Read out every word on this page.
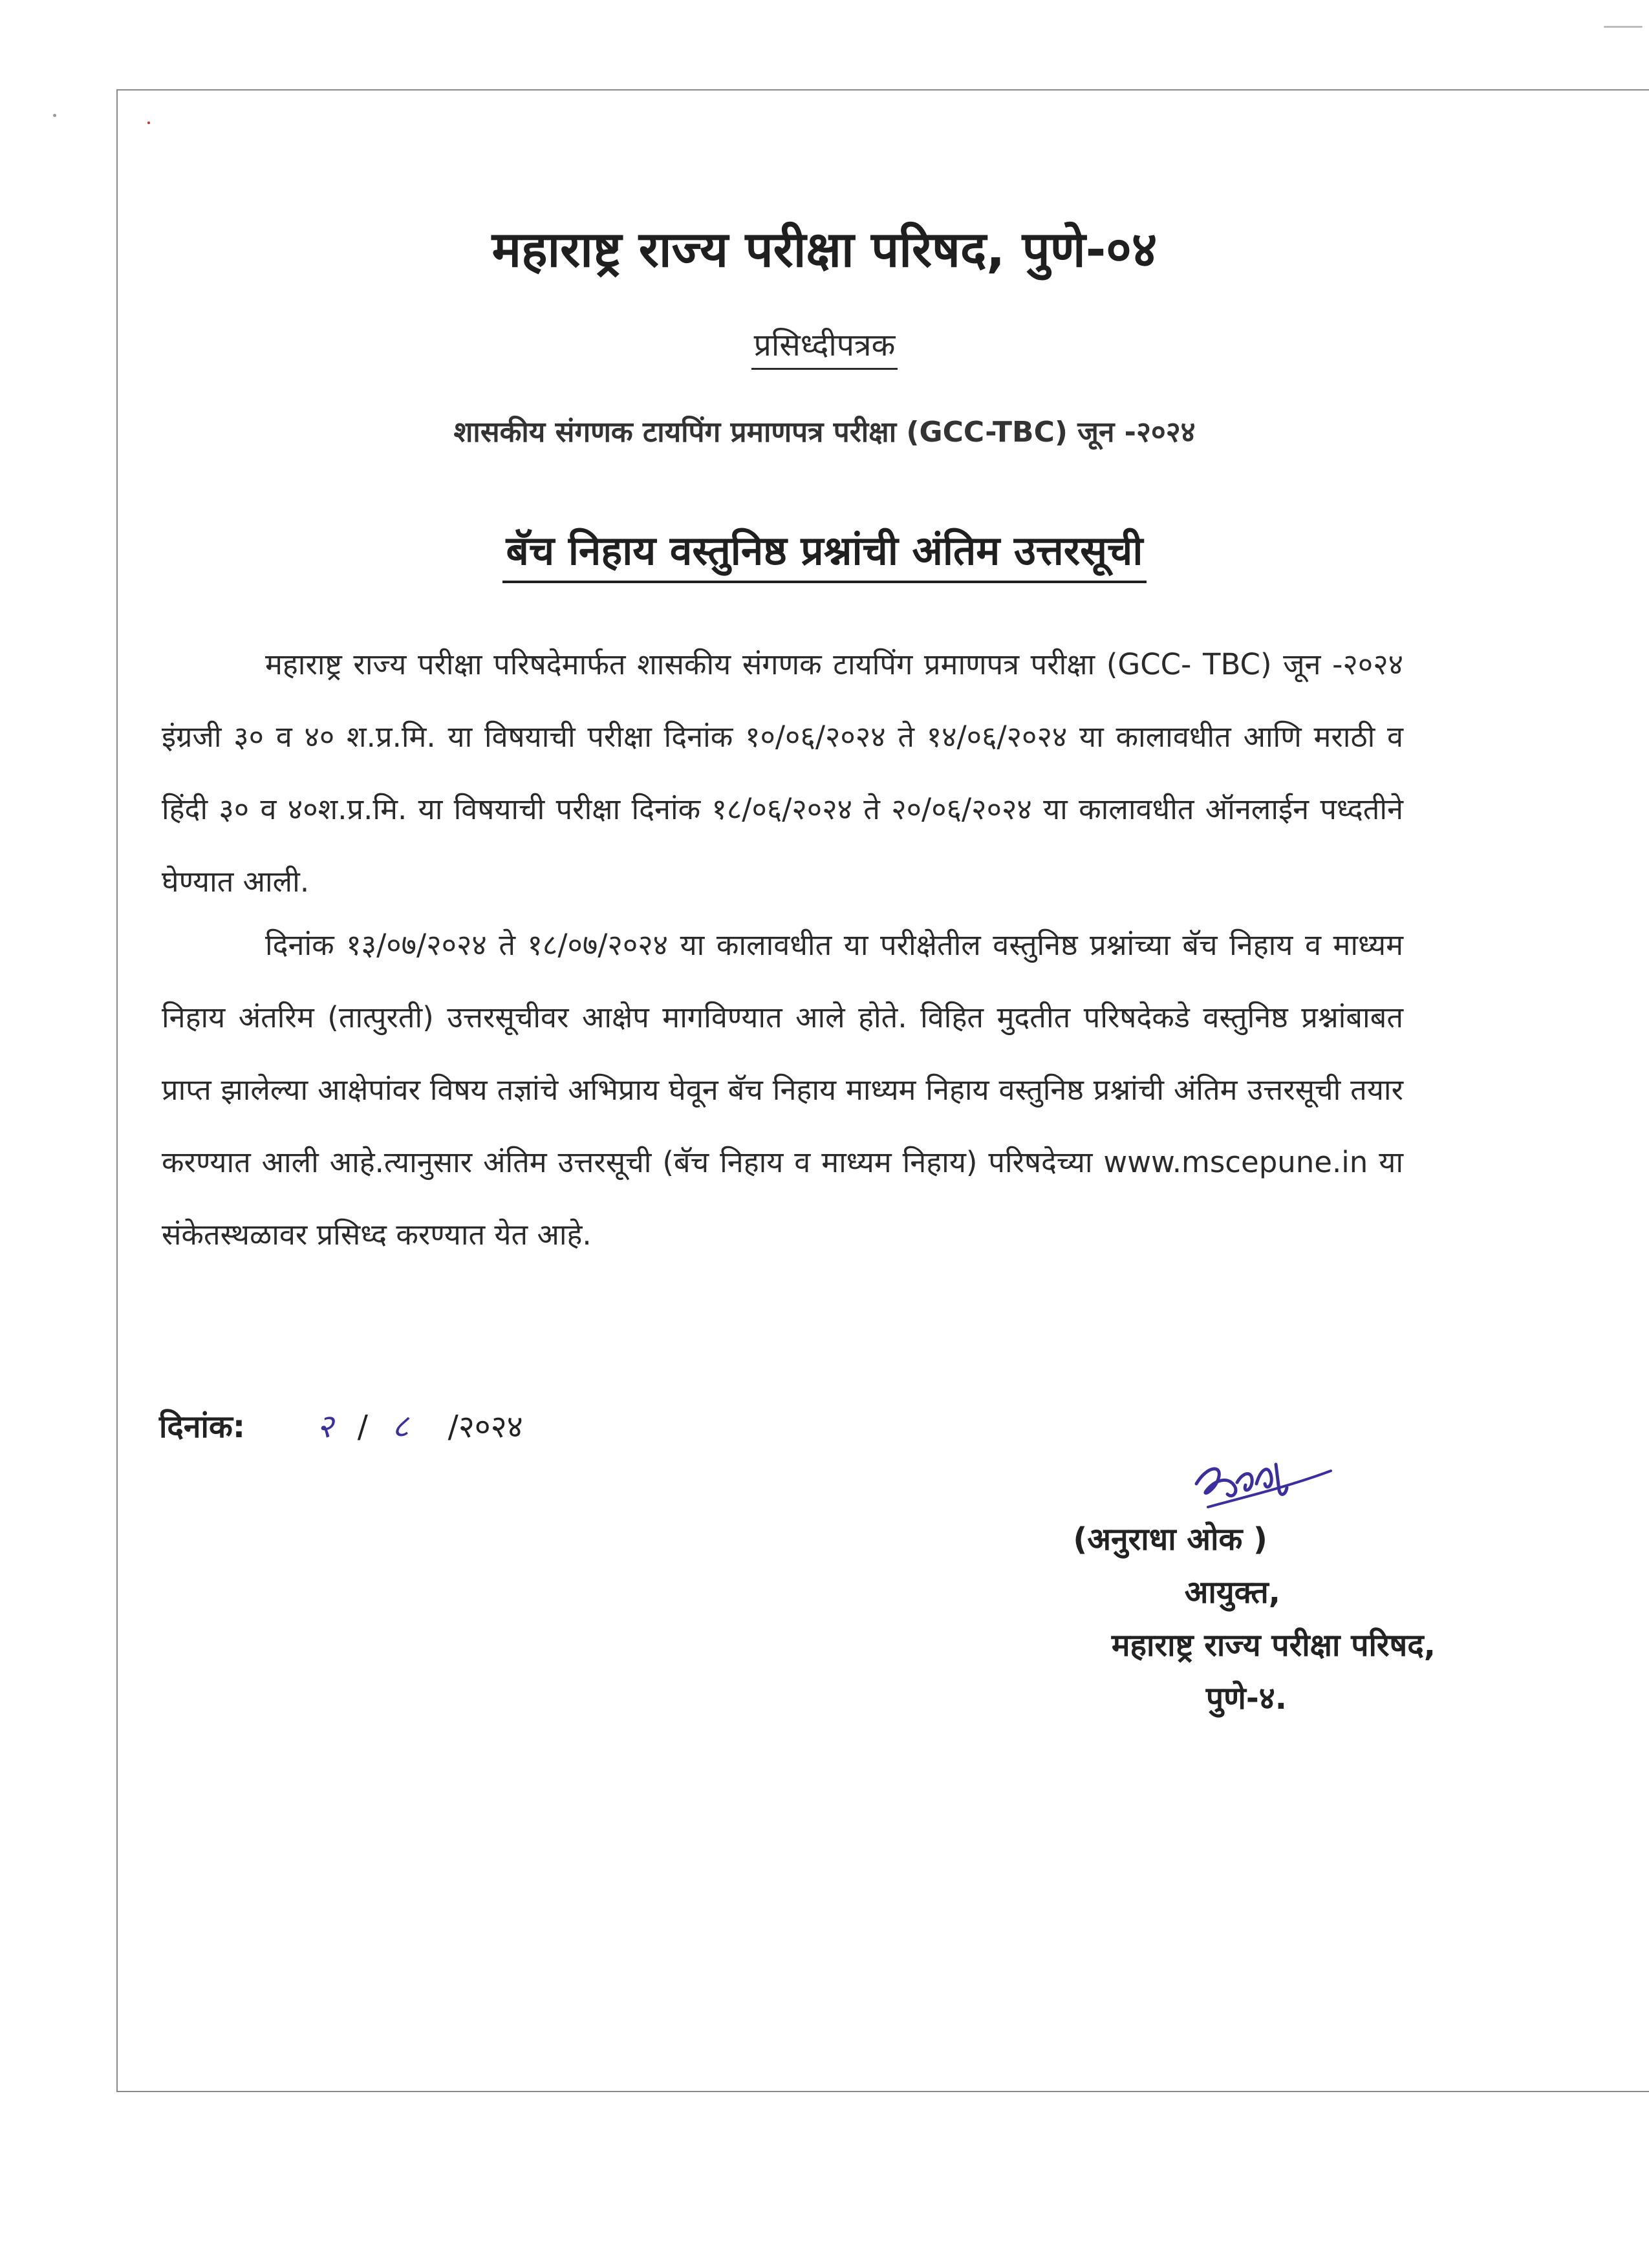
महाराष्ट्र राज्य परीक्षा परिषद, पुणे-०४
प्रसिध्दीपत्रक
शासकीय संगणक टायपिंग प्रमाणपत्र परीक्षा (GCC-TBC) जून -२०२४
बॅच निहाय वस्तुनिष्ठ प्रश्नांची अंतिम उत्तरसूची
महाराष्ट्र राज्य परीक्षा परिषदेमार्फत शासकीय संगणक टायपिंग प्रमाणपत्र परीक्षा (GCC- TBC) जून -२०२४ इंग्रजी ३० व ४० श.प्र.मि. या विषयाची परीक्षा दिनांक १०/०६/२०२४ ते १४/०६/२०२४ या कालावधीत आणि मराठी व हिंदी ३० व ४०श.प्र.मि. या विषयाची परीक्षा दिनांक १८/०६/२०२४ ते २०/०६/२०२४ या कालावधीत ऑनलाईन पध्दतीने घेण्यात आली.
दिनांक १३/०७/२०२४ ते १८/०७/२०२४ या कालावधीत या परीक्षेतील वस्तुनिष्ठ प्रश्नांच्या बॅच निहाय व माध्यम निहाय अंतरिम (तात्पुरती) उत्तरसूचीवर आक्षेप मागविण्यात आले होते. विहित मुदतीत परिषदेकडे वस्तुनिष्ठ प्रश्नांबाबत प्राप्त झालेल्या आक्षेपांवर विषय तज्ञांचे अभिप्राय घेवून बॅच निहाय माध्यम निहाय वस्तुनिष्ठ प्रश्नांची अंतिम उत्तरसूची तयार करण्यात आली आहे.त्यानुसार अंतिम उत्तरसूची (बॅच निहाय व माध्यम निहाय) परिषदेच्या www.mscepune.in या संकेतस्थळावर प्रसिध्द करण्यात येत आहे.
दिनांक: २ / ८ /२०२४
(अनुराधा ओक )
आयुक्त,
महाराष्ट्र राज्य परीक्षा परिषद,
पुणे-४.
